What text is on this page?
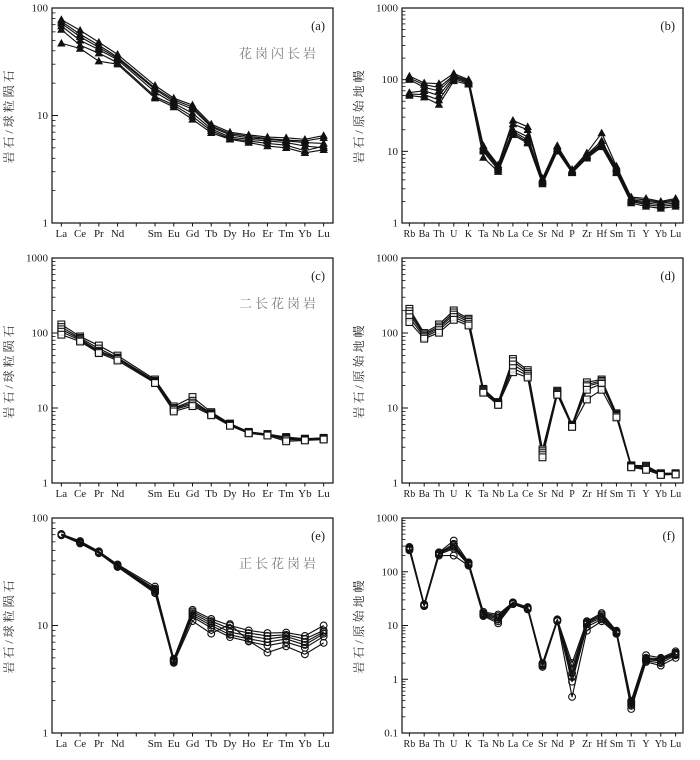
1
10
100
La Ce Pr Nd Sm Eu Gd Tb Dy Ho Er Tm Yb Lu
岩石/球粒陨石
(a)
花岗闪长岩
1
10
100
1000
Rb Ba Th U K Ta Nb La Ce Sr Nd P Zr Hf Sm Ti Y Yb Lu
岩石/原始地幔
(b)
1
10
100
1000
La Ce Pr Nd Sm Eu Gd Tb Dy Ho Er Tm Yb Lu
岩石/球粒陨石
(c)
二长花岗岩
1
10
100
1000
Rb Ba Th U K Ta Nb La Ce Sr Nd P Zr Hf Sm Ti Y Yb Lu
岩石/原始地幔
(d)
1
10
100
La Ce Pr Nd Sm Eu Gd Tb Dy Ho Er Tm Yb Lu
岩石/球粒陨石
(e)
正长花岗岩
0.1
1
10
100
1000
Rb Ba Th U K Ta Nb La Ce Sr Nd P Zr Hf Sm Ti Y Yb Lu
岩石/原始地幔
(f)
